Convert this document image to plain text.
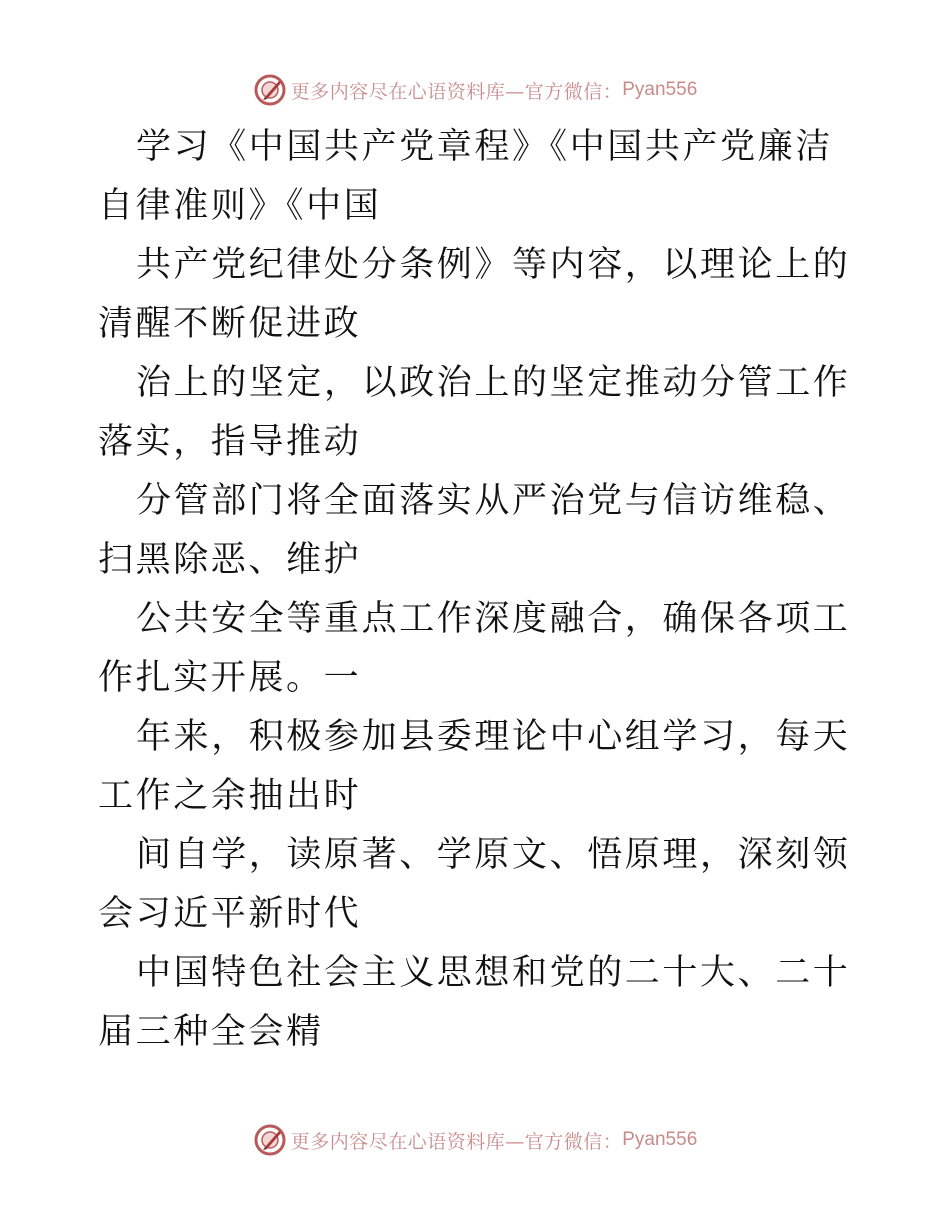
更多内容尽在心语资料库—官方微信： Pyan556

学习《中国共产党章程》《中国共产党廉洁自律准则》《中国

共产党纪律处分条例》等内容，以理论上的清醒不断促进政

治上的坚定，以政治上的坚定推动分管工作落实，指导推动

分管部门将全面落实从严治党与信访维稳、扫黑除恶、维护

公共安全等重点工作深度融合，确保各项工作扎实开展。一

年来，积极参加县委理论中心组学习，每天工作之余抽出时

间自学，读原著、学原文、悟原理，深刻领会习近平新时代

中国特色社会主义思想和党的二十大、二十届三种全会精

更多内容尽在心语资料库—官方微信： Pyan556
